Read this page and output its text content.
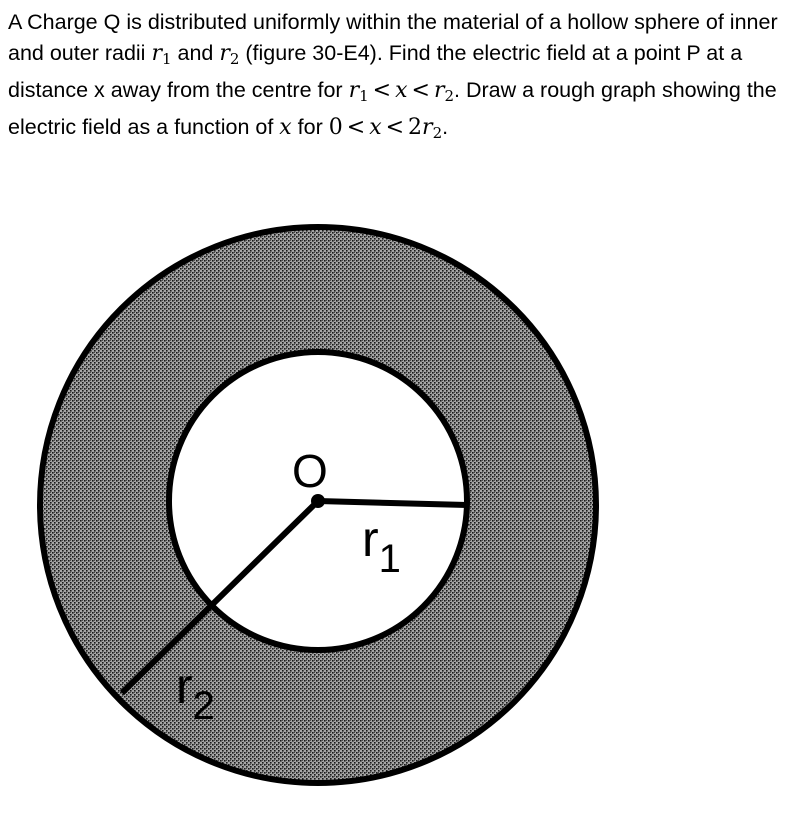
A Charge Q is distributed uniformly within the material of a hollow sphere of inner and outer radii $r_1$ and $r_2$ (figure 30-E4). Find the electric field at a point P at a distance x away from the centre for $r_1 < x < r_2$. Draw a rough graph showing the electric field as a function of x for $0 < x < 2r_2$.
O
$r_1$
$r_2$
